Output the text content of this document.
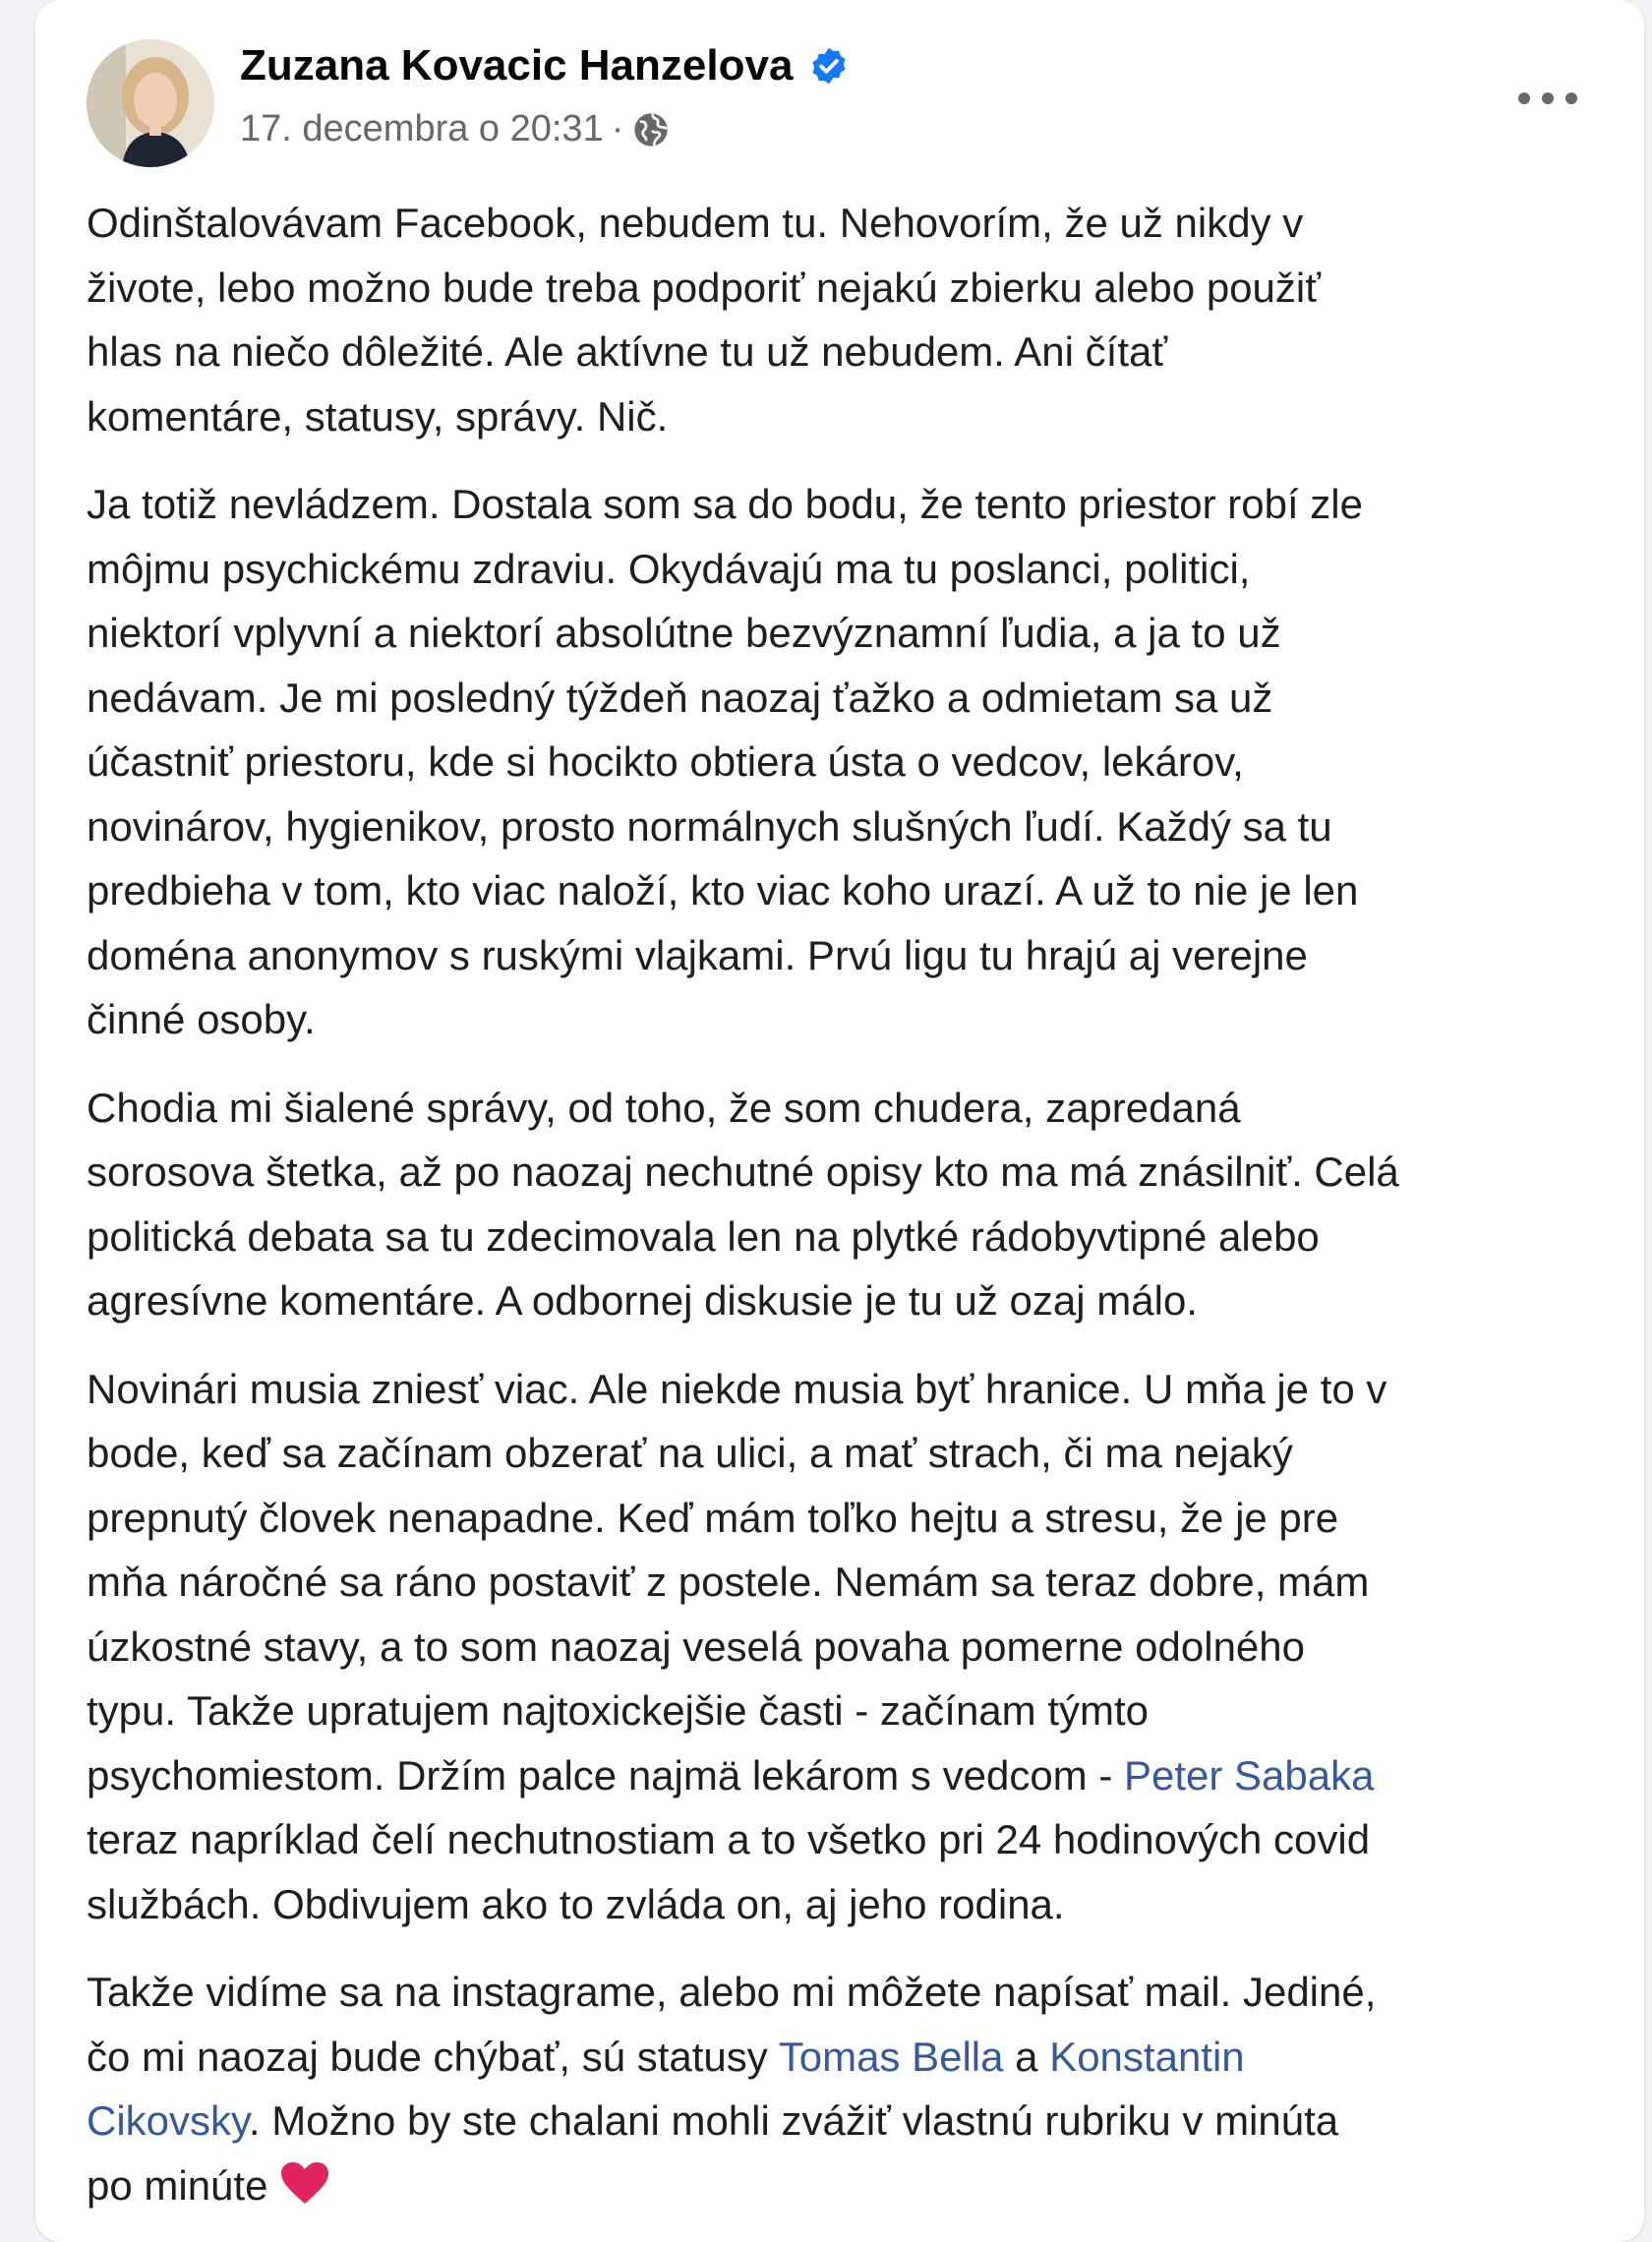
Zuzana Kovacic Hanzelova
17. decembra o 20:31 ·

Odinštalovávam Facebook, nebudem tu. Nehovorím, že už nikdy v
živote, lebo možno bude treba podporiť nejakú zbierku alebo použiť
hlas na niečo dôležité. Ale aktívne tu už nebudem. Ani čítať
komentáre, statusy, správy. Nič.

Ja totiž nevládzem. Dostala som sa do bodu, že tento priestor robí zle
môjmu psychickému zdraviu. Okydávajú ma tu poslanci, politici,
niektorí vplyvní a niektorí absolútne bezvýznamní ľudia, a ja to už
nedávam. Je mi posledný týždeň naozaj ťažko a odmietam sa už
účastniť priestoru, kde si hocikto obtiera ústa o vedcov, lekárov,
novinárov, hygienikov, prosto normálnych slušných ľudí. Každý sa tu
predbieha v tom, kto viac naloží, kto viac koho urazí. A už to nie je len
doména anonymov s ruskými vlajkami. Prvú ligu tu hrajú aj verejne
činné osoby.

Chodia mi šialené správy, od toho, že som chudera, zapredaná
sorosova štetka, až po naozaj nechutné opisy kto ma má znásilniť. Celá
politická debata sa tu zdecimovala len na plytké rádobyvtipné alebo
agresívne komentáre. A odbornej diskusie je tu už ozaj málo.

Novinári musia zniesť viac. Ale niekde musia byť hranice. U mňa je to v
bode, keď sa začínam obzerať na ulici, a mať strach, či ma nejaký
prepnutý človek nenapadne. Keď mám toľko hejtu a stresu, že je pre
mňa náročné sa ráno postaviť z postele. Nemám sa teraz dobre, mám
úzkostné stavy, a to som naozaj veselá povaha pomerne odolného
typu. Takže upratujem najtoxickejšie časti - začínam týmto
psychomiestom. Držím palce najmä lekárom s vedcom - Peter Sabaka
teraz napríklad čelí nechutnostiam a to všetko pri 24 hodinových covid
službách. Obdivujem ako to zvláda on, aj jeho rodina.

Takže vidíme sa na instagrame, alebo mi môžete napísať mail. Jediné,
čo mi naozaj bude chýbať, sú statusy Tomas Bella a Konstantin
Cikovsky. Možno by ste chalani mohli zvážiť vlastnú rubriku v minúta
po minúte
